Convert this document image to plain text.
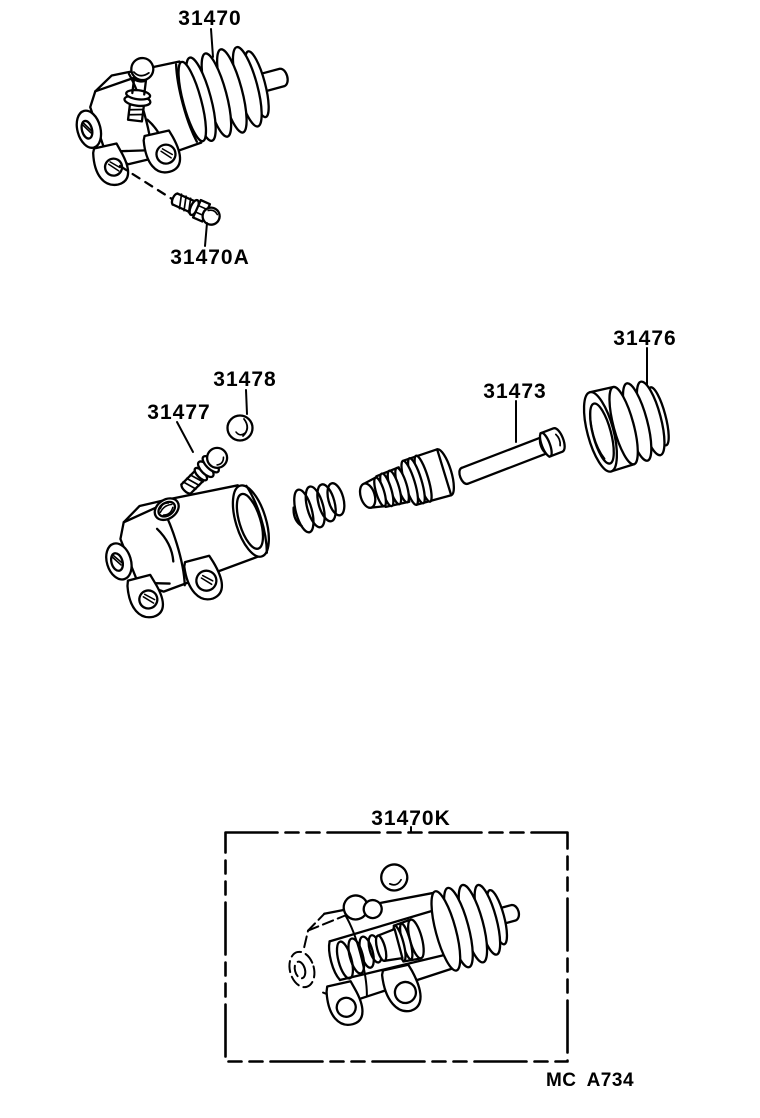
31470
31470A
31478
31477
31473
31476
31470K
MC A734
